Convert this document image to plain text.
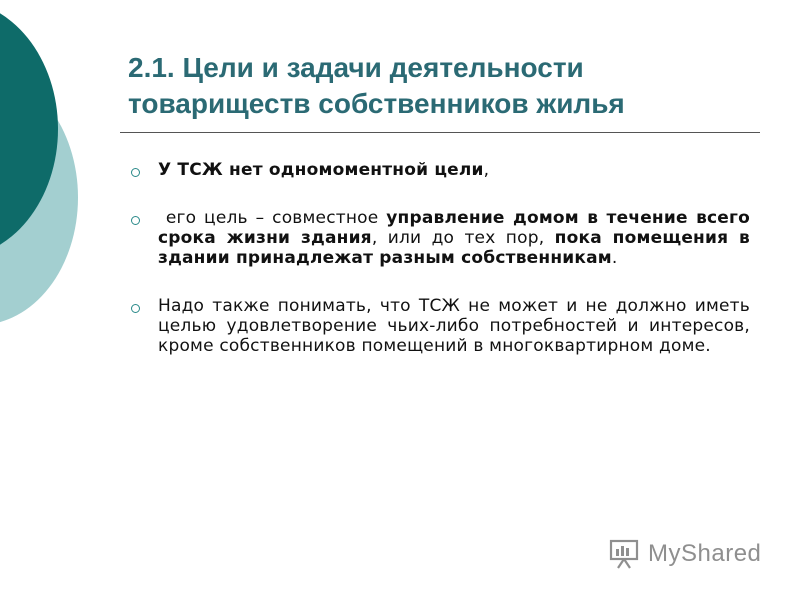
2.1. Цели и задачи деятельности
товариществ собственников жилья
У ТСЖ нет одномоментной цели,
его цель – совместное управление домом в течение всего срока жизни здания, или до тех пор, пока помещения в здании принадлежат разным собственникам.
Надо также понимать, что ТСЖ не может и не должно иметь целью удовлетворение чьих-либо потребностей и интересов, кроме собственников помещений в многоквартирном доме.
MyShared
